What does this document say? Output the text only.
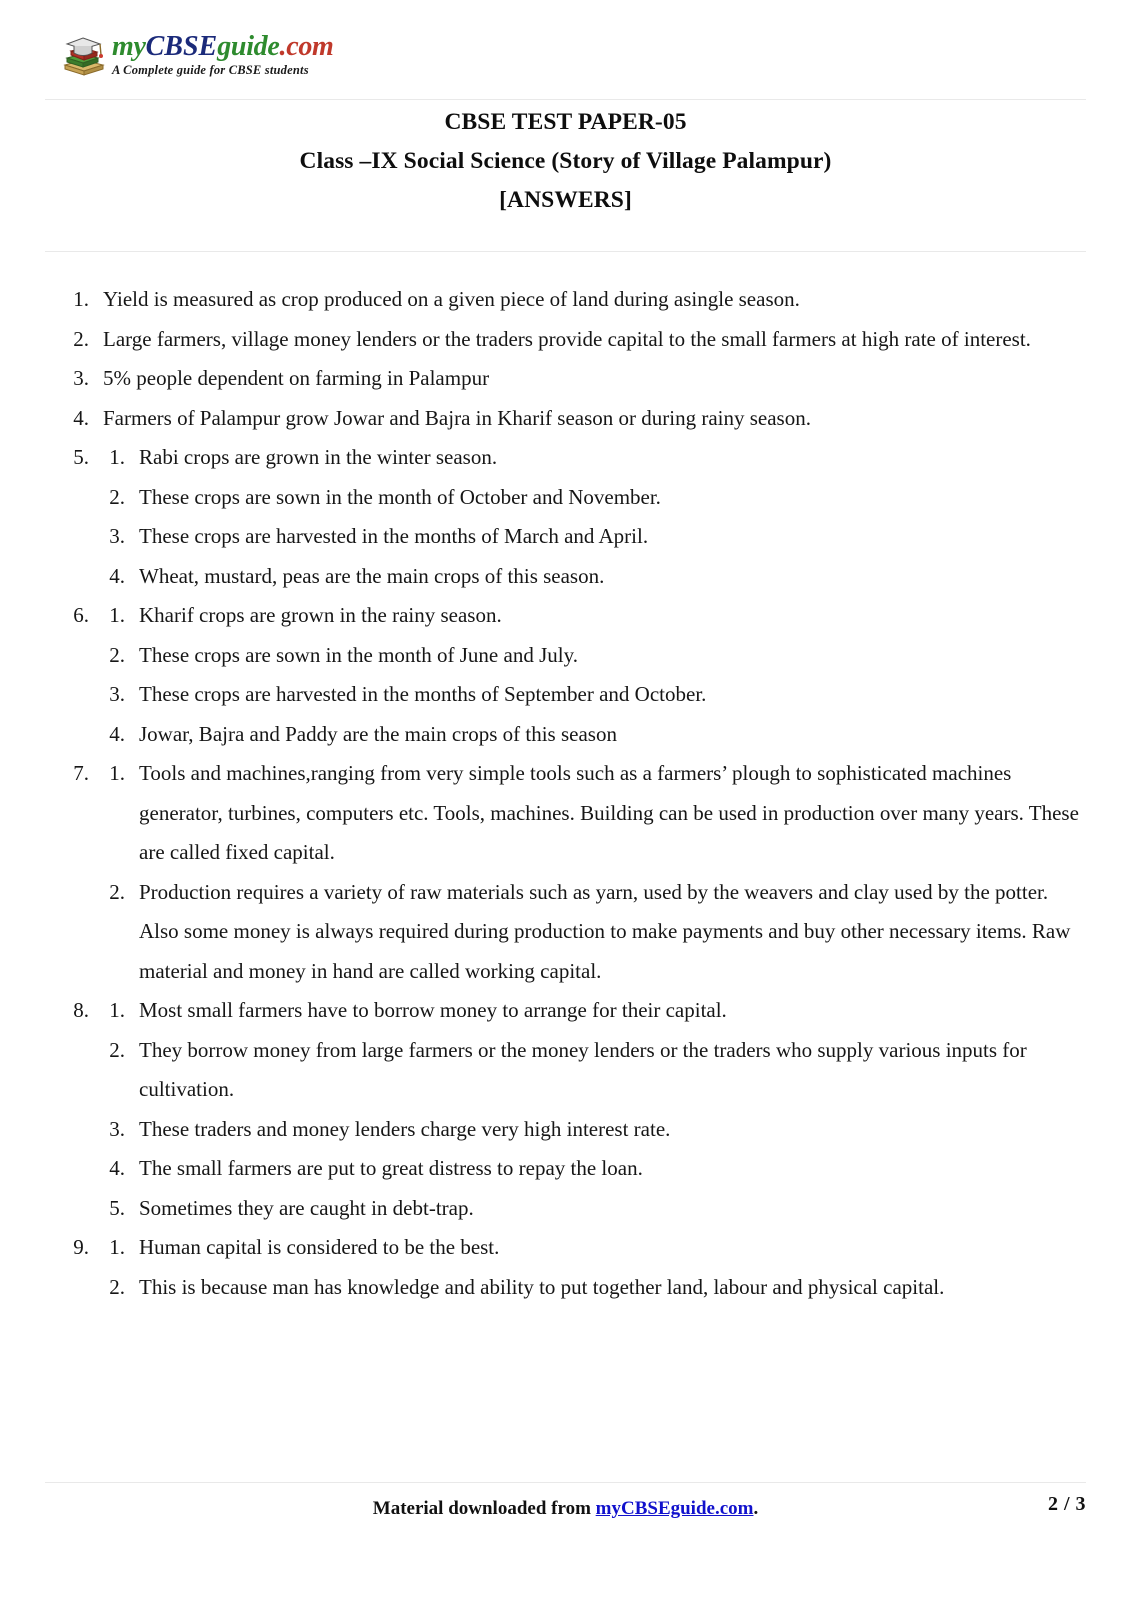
myCBSEguide.com
A Complete guide for CBSE students
CBSE TEST PAPER-05
Class –IX Social Science (Story of Village Palampur)
[ANSWERS]
1. Yield is measured as crop produced on a given piece of land during asingle season.
2. Large farmers, village money lenders or the traders provide capital to the small farmers at high rate of interest.
3. 5% people dependent on farming in Palampur
4. Farmers of Palampur grow Jowar and Bajra in Kharif season or during rainy season.
5. 1. Rabi crops are grown in the winter season.
2. These crops are sown in the month of October and November.
3. These crops are harvested in the months of March and April.
4. Wheat, mustard, peas are the main crops of this season.
6. 1. Kharif crops are grown in the rainy season.
2. These crops are sown in the month of June and July.
3. These crops are harvested in the months of September and October.
4. Jowar, Bajra and Paddy are the main crops of this season
7. 1. Tools and machines,ranging from very simple tools such as a farmers’ plough to sophisticated machines generator, turbines, computers etc. Tools, machines. Building can be used in production over many years. These are called fixed capital.
2. Production requires a variety of raw materials such as yarn, used by the weavers and clay used by the potter. Also some money is always required during production to make payments and buy other necessary items. Raw material and money in hand are called working capital.
8. 1. Most small farmers have to borrow money to arrange for their capital.
2. They borrow money from large farmers or the money lenders or the traders who supply various inputs for cultivation.
3. These traders and money lenders charge very high interest rate.
4. The small farmers are put to great distress to repay the loan.
5. Sometimes they are caught in debt-trap.
9. 1. Human capital is considered to be the best.
2. This is because man has knowledge and ability to put together land, labour and physical capital.
Material downloaded from myCBSEguide.com.	2 / 3
